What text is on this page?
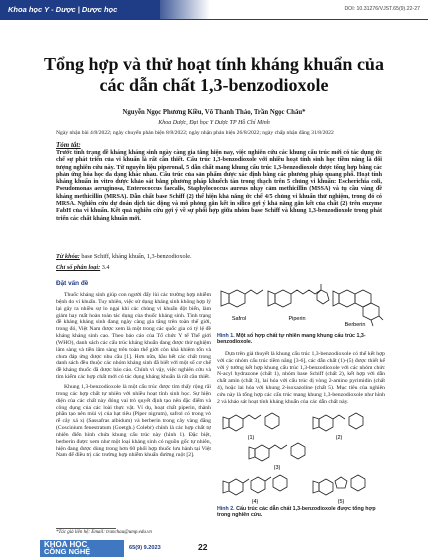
Khoa học Y - Dược | Dược học	DOI: 10.31276/VJST.65(9).22-27
Tổng hợp và thử hoạt tính kháng khuẩn của các dẫn chất 1,3-benzodioxole
Nguyễn Ngọc Phương Kiều, Võ Thanh Thảo, Trần Ngọc Châu*
Khoa Dược, Đại học Y Dược TP Hồ Chí Minh
Ngày nhận bài 4/8/2022; ngày chuyển phản biện 8/8/2022; ngày nhận phản biện 26/8/2022; ngày chấp nhận đăng 31/8/2022
Tóm tắt:

Trước tình trạng đề kháng kháng sinh ngày càng gia tăng hiện nay, việc nghiên cứu các khung cấu trúc mới có tác dụng ức chế sự phát triển của vi khuẩn là rất cần thiết. Cấu trúc 1,3-benzodioxole với nhiều hoạt tính sinh học tiềm năng là đối tượng nghiên cứu này. Từ nguyên liệu piperonal, 5 dẫn chất mang khung cấu trúc 1,3-benzodioxole được tổng hợp bằng các phản ứng hóa học đa dạng khác nhau. Cấu trúc của sản phẩm được xác định bằng các phương pháp quang phổ. Hoạt tính kháng khuẩn in vitro được khảo sát bằng phương pháp khuếch tán trong thạch trên 5 chủng vi khuẩn: Escherichia coli, Pseudomonas aeruginosa, Enterococcus faecalis, Staphylococcus aureus nhạy cảm methicillin (MSSA) và tụ cầu vàng đề kháng methicillin (MRSA). Dẫn chất base Schiff (2) thể hiện khả năng ức chế 4/5 chủng vi khuẩn thử nghiệm, trong đó có MRSA. Nghiên cứu dự đoán dịch tác động và mô phỏng gắn kết in silico gợi ý khả năng gắn kết của chất (2) trên enzyme FabH của vi khuẩn. Kết quả nghiên cứu gợi ý về sự phối hợp giữa nhóm base Schiff và khung 1,3-benzodioxole trong phát triển các chất kháng khuẩn mới.

Từ khóa: base Schiff, kháng khuẩn, 1,3-benzodioxole.
Chỉ số phân loại: 3.4
Đặt vấn đề

Thuốc kháng sinh giúp con người đẩy lùi các trường hợp nhiễm bệnh do vi khuẩn. Tuy nhiên, việc sử dụng kháng sinh không hợp lý lại gây ra nhiều sự lo ngại khi các chủng vi khuẩn đột biến, làm giảm hay mất hoàn toàn tác dụng của thuốc kháng sinh. Tình trạng đề kháng kháng sinh đang ngày càng gia tăng trên toàn thế giới, trong đó, Việt Nam được xem là một trong các quốc gia có tỷ lệ đề kháng kháng sinh cao. Theo báo cáo của Tổ chức Y tế Thế giới (WHO), danh sách các cấu trúc kháng khuẩn đang được thử nghiệm lâm sàng và tiền lâm sàng trên toàn thế giới còn khá khiêm tốn và chưa đáp ứng được nhu cầu [1]. Hơn nữa, hầu hết các chất trong danh sách đều thuộc các nhóm kháng sinh đã biết với một số cơ chế đề kháng thuốc đã được báo cáo. Chính vì vậy, việc nghiên cứu và tìm kiếm các hợp chất mới có tác dụng kháng khuẩn là rất cần thiết.

Khung 1,3-benzodioxole là một cấu trúc được tìm thấy rộng rãi trong các hợp chất tự nhiên với nhiều hoạt tính sinh học. Sự hiện diện của các chất này đóng vai trò quyết định tạo nên đặc điểm và công dụng của các loài thực vật. Ví dụ, hoạt chất piperin, thành phần tạo nên mùi vị của hạt tiêu (Piper nigrum), safrol có trong vỏ rễ cây xá xị (Sassafras albidum) và berberin trong cây vàng đắng (Coscinium fenestratum (Goetgh.) Colebr) chính là các hợp chất tự nhiên điển hình chứa khung cấu trúc này (hình 1). Đặc biệt, berberin được xem như một loại kháng sinh có nguồn gốc tự nhiên, hiện đang được dùng trong hơn 60 phối hợp thuốc lưu hành tại Việt Nam để điều trị các trường hợp nhiễm khuẩn đường ruột [2].

Safrol	Piperin
Berberin

Hình 1. Một số hợp chất tự nhiên mang khung cấu trúc 1,3-benzodioxole.

Dựa trên giả thuyết là khung cấu trúc 1,3-benzodioxole có thể kết hợp với các nhóm cấu trúc tiềm năng [3-6], các dẫn chất (1)-(5) được thiết kế với ý tưởng kết hợp khung cấu trúc 1,3-benzodioxole với các nhóm chức N-acyl hydrazone (chất 1), nhóm base Schiff (chất 2), kết hợp với dẫn chất amin (chất 3), lai hóa với cấu trúc dị vòng 2-amino pyrimidin (chất 4), hoặc lai hóa với khung 2-isoxazoline (chất 5). Mục tiêu của nghiên cứu này là tổng hợp các cấu trúc mang khung 1,3-benzodioxole như hình 2 và khảo sát hoạt tính kháng khuẩn của các dẫn chất này.

(1)	(2)
(3)
(4)	(5)

Hình 2. Cấu trúc các dẫn chất 1,3-benzodioxole được tổng hợp trong nghiên cứu.

*Tác giả liên hệ: Email: tranchau@ump.edu.vn
KHOA HỌC
CÔNG NGHỆ	65(9) 9.2023	22
